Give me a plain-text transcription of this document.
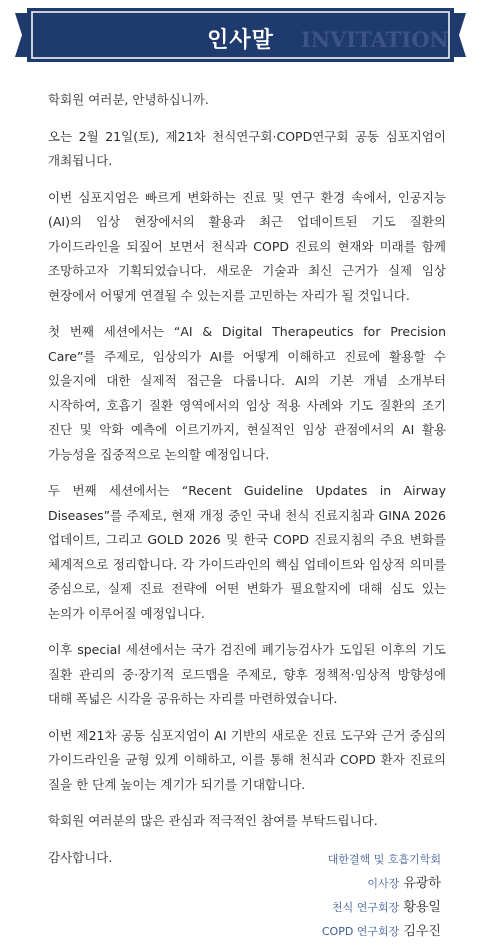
INVITATION
인사말

학회원 여러분, 안녕하십니까.

오는 2월 21일(토), 제21차 천식연구회·COPD연구회 공동 심포지엄이 개최됩니다.

이번 심포지엄은 빠르게 변화하는 진료 및 연구 환경 속에서, 인공지능(AI)의 임상 현장에서의 활용과 최근 업데이트된 기도 질환의 가이드라인을 되짚어 보면서 천식과 COPD 진료의 현재와 미래를 함께 조망하고자 기획되었습니다. 새로운 기술과 최신 근거가 실제 임상 현장에서 어떻게 연결될 수 있는지를 고민하는 자리가 될 것입니다.

첫 번째 세션에서는 “AI & Digital Therapeutics for Precision Care”를 주제로, 임상의가 AI를 어떻게 이해하고 진료에 활용할 수 있을지에 대한 실제적 접근을 다룹니다. AI의 기본 개념 소개부터 시작하여, 호흡기 질환 영역에서의 임상 적용 사례와 기도 질환의 조기 진단 및 악화 예측에 이르기까지, 현실적인 임상 관점에서의 AI 활용 가능성을 집중적으로 논의할 예정입니다.

두 번째 세션에서는 “Recent Guideline Updates in Airway Diseases”를 주제로, 현재 개정 중인 국내 천식 진료지침과 GINA 2026 업데이트, 그리고 GOLD 2026 및 한국 COPD 진료지침의 주요 변화를 체계적으로 정리합니다. 각 가이드라인의 핵심 업데이트와 임상적 의미를 중심으로, 실제 진료 전략에 어떤 변화가 필요할지에 대해 심도 있는 논의가 이루어질 예정입니다.

이후 special 세션에서는 국가 검진에 폐기능검사가 도입된 이후의 기도 질환 관리의 중·장기적 로드맵을 주제로, 향후 정책적·임상적 방향성에 대해 폭넓은 시각을 공유하는 자리를 마련하였습니다.

이번 제21차 공동 심포지엄이 AI 기반의 새로운 진료 도구와 근거 중심의 가이드라인을 균형 있게 이해하고, 이를 통해 천식과 COPD 환자 진료의 질을 한 단계 높이는 계기가 되기를 기대합니다.

학회원 여러분의 많은 관심과 적극적인 참여를 부탁드립니다.

감사합니다.	대한결핵 및 호흡기학회
이사장 유광하
천식 연구회장 황용일
COPD 연구회장 김우진
